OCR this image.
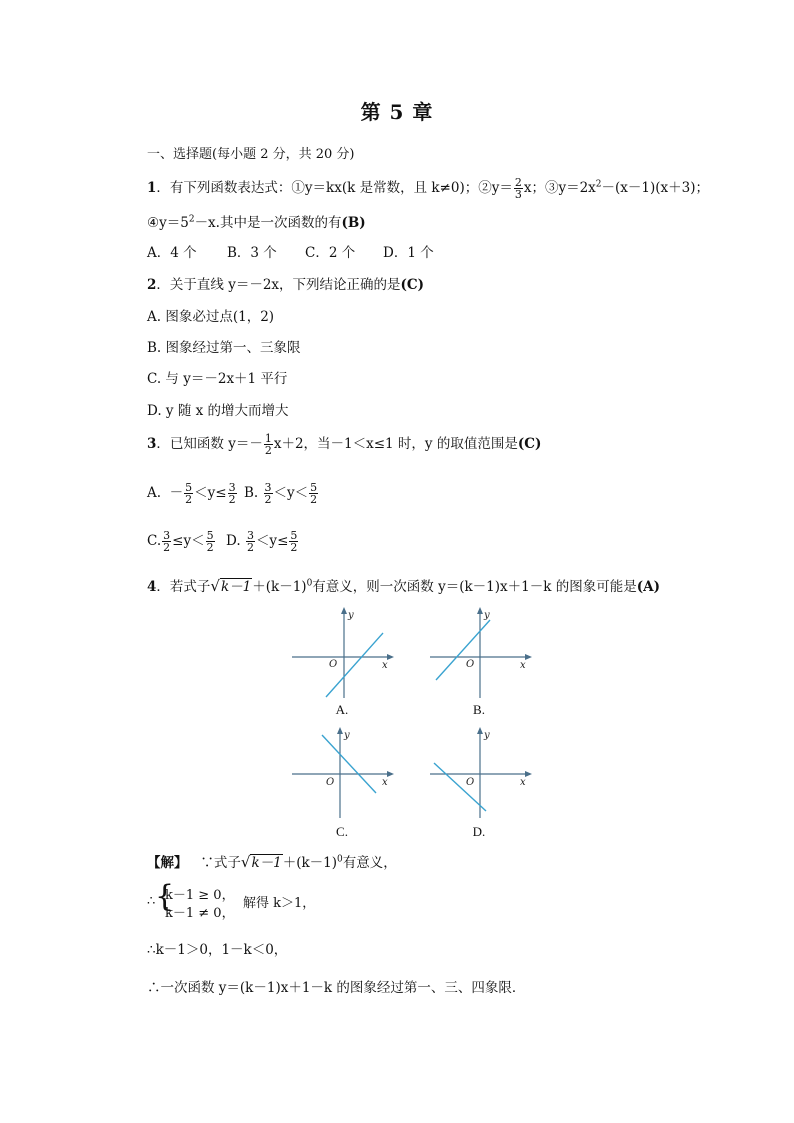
第 5 章
一、选择题(每小题 2 分，共 20 分)
1．有下列函数表达式：①y＝kx(k 是常数，且 k≠0)；②y＝ $\frac{2}{3}$ x；$③y=2x^2-(x-1)(x+3)$；
$④y=5^2-x$.其中是一次函数的有(B)
A．4 个 B．3 个 C．2 个 D．1 个
2．关于直线 y＝－2x，下列结论正确的是(C)
A. 图象必过点(1，2)
B. 图象经过第一、三象限
C. 与 y＝－2x＋1 平行
D. y 随 x 的增大而增大
3．已知函数 $y=- \frac{1}{2} x+2$，当－1＜x≤1 时，y 的取值范围是(C)
A.  － $\frac{5}{2} <y\le \frac{3}{2} B$. $\frac{3}{2} <y< \frac{5}{2}$
C. $\frac{3}{2} \le y< \frac{5}{2} D$. $\frac{3}{2} <y\le \frac{5}{2}$
4．若式子$√k-1+(k-1)^0$有意义，则一次函数 y＝(k－1)x＋1－k 的图象可能是(A)
y
x
O
A.
y
x
O
B.
y
x
O
C.
y
x
O
D.
【解】 ∵式子$√k-1+(k-1)^0$有意义，
∴ {
k－1 ≥ 0，
k－1 ≠ 0，
解得 k＞1，
∴k－1＞0，1－k＜0，
∴一次函数 y＝(k－1)x＋1－k 的图象经过第一、三、四象限．
